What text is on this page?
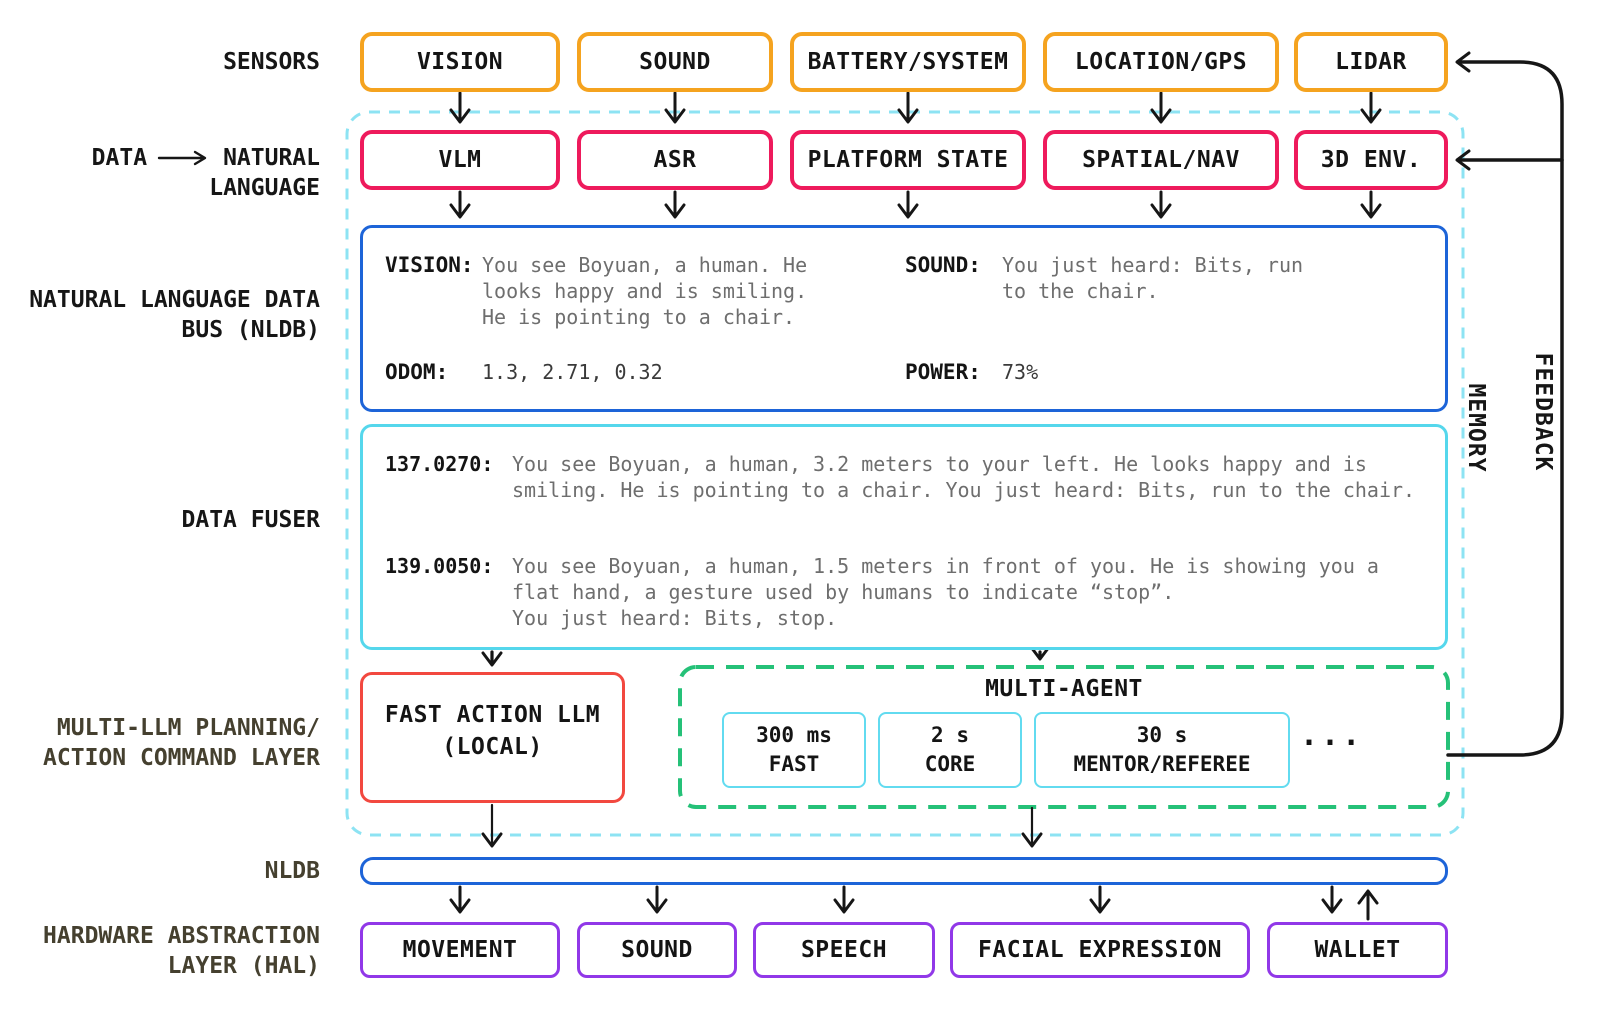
SENSORS
DATA	NATURAL
LANGUAGE
NATURAL LANGUAGE DATA
BUS (NLDB)
DATA FUSER
MULTI-LLM PLANNING/
ACTION COMMAND LAYER
NLDB
HARDWARE ABSTRACTION
LAYER (HAL)
MEMORY FEEDBACK
VISION	SOUND	BATTERY/SYSTEM	LOCATION/GPS	LIDAR
VLM	ASR	PLATFORM STATE	SPATIAL/NAV	3D ENV.
VISION: You see Boyuan, a human. He
looks happy and is smiling.
He is pointing to a chair.
SOUND: You just heard: Bits, run
to the chair.
ODOM: 1.3, 2.71, 0.32	POWER: 73%
137.0270: You see Boyuan, a human, 3.2 meters to your left. He looks happy and is
smiling. He is pointing to a chair. You just heard: Bits, run to the chair.
139.0050: You see Boyuan, a human, 1.5 meters in front of you. He is showing you a
flat hand, a gesture used by humans to indicate “stop”.
You just heard: Bits, stop.
FAST ACTION LLM
(LOCAL)
MULTI-AGENT
300 ms
FAST
2 s
CORE
30 s
MENTOR/REFEREE
...
MOVEMENT	SOUND	SPEECH	FACIAL EXPRESSION	WALLET
